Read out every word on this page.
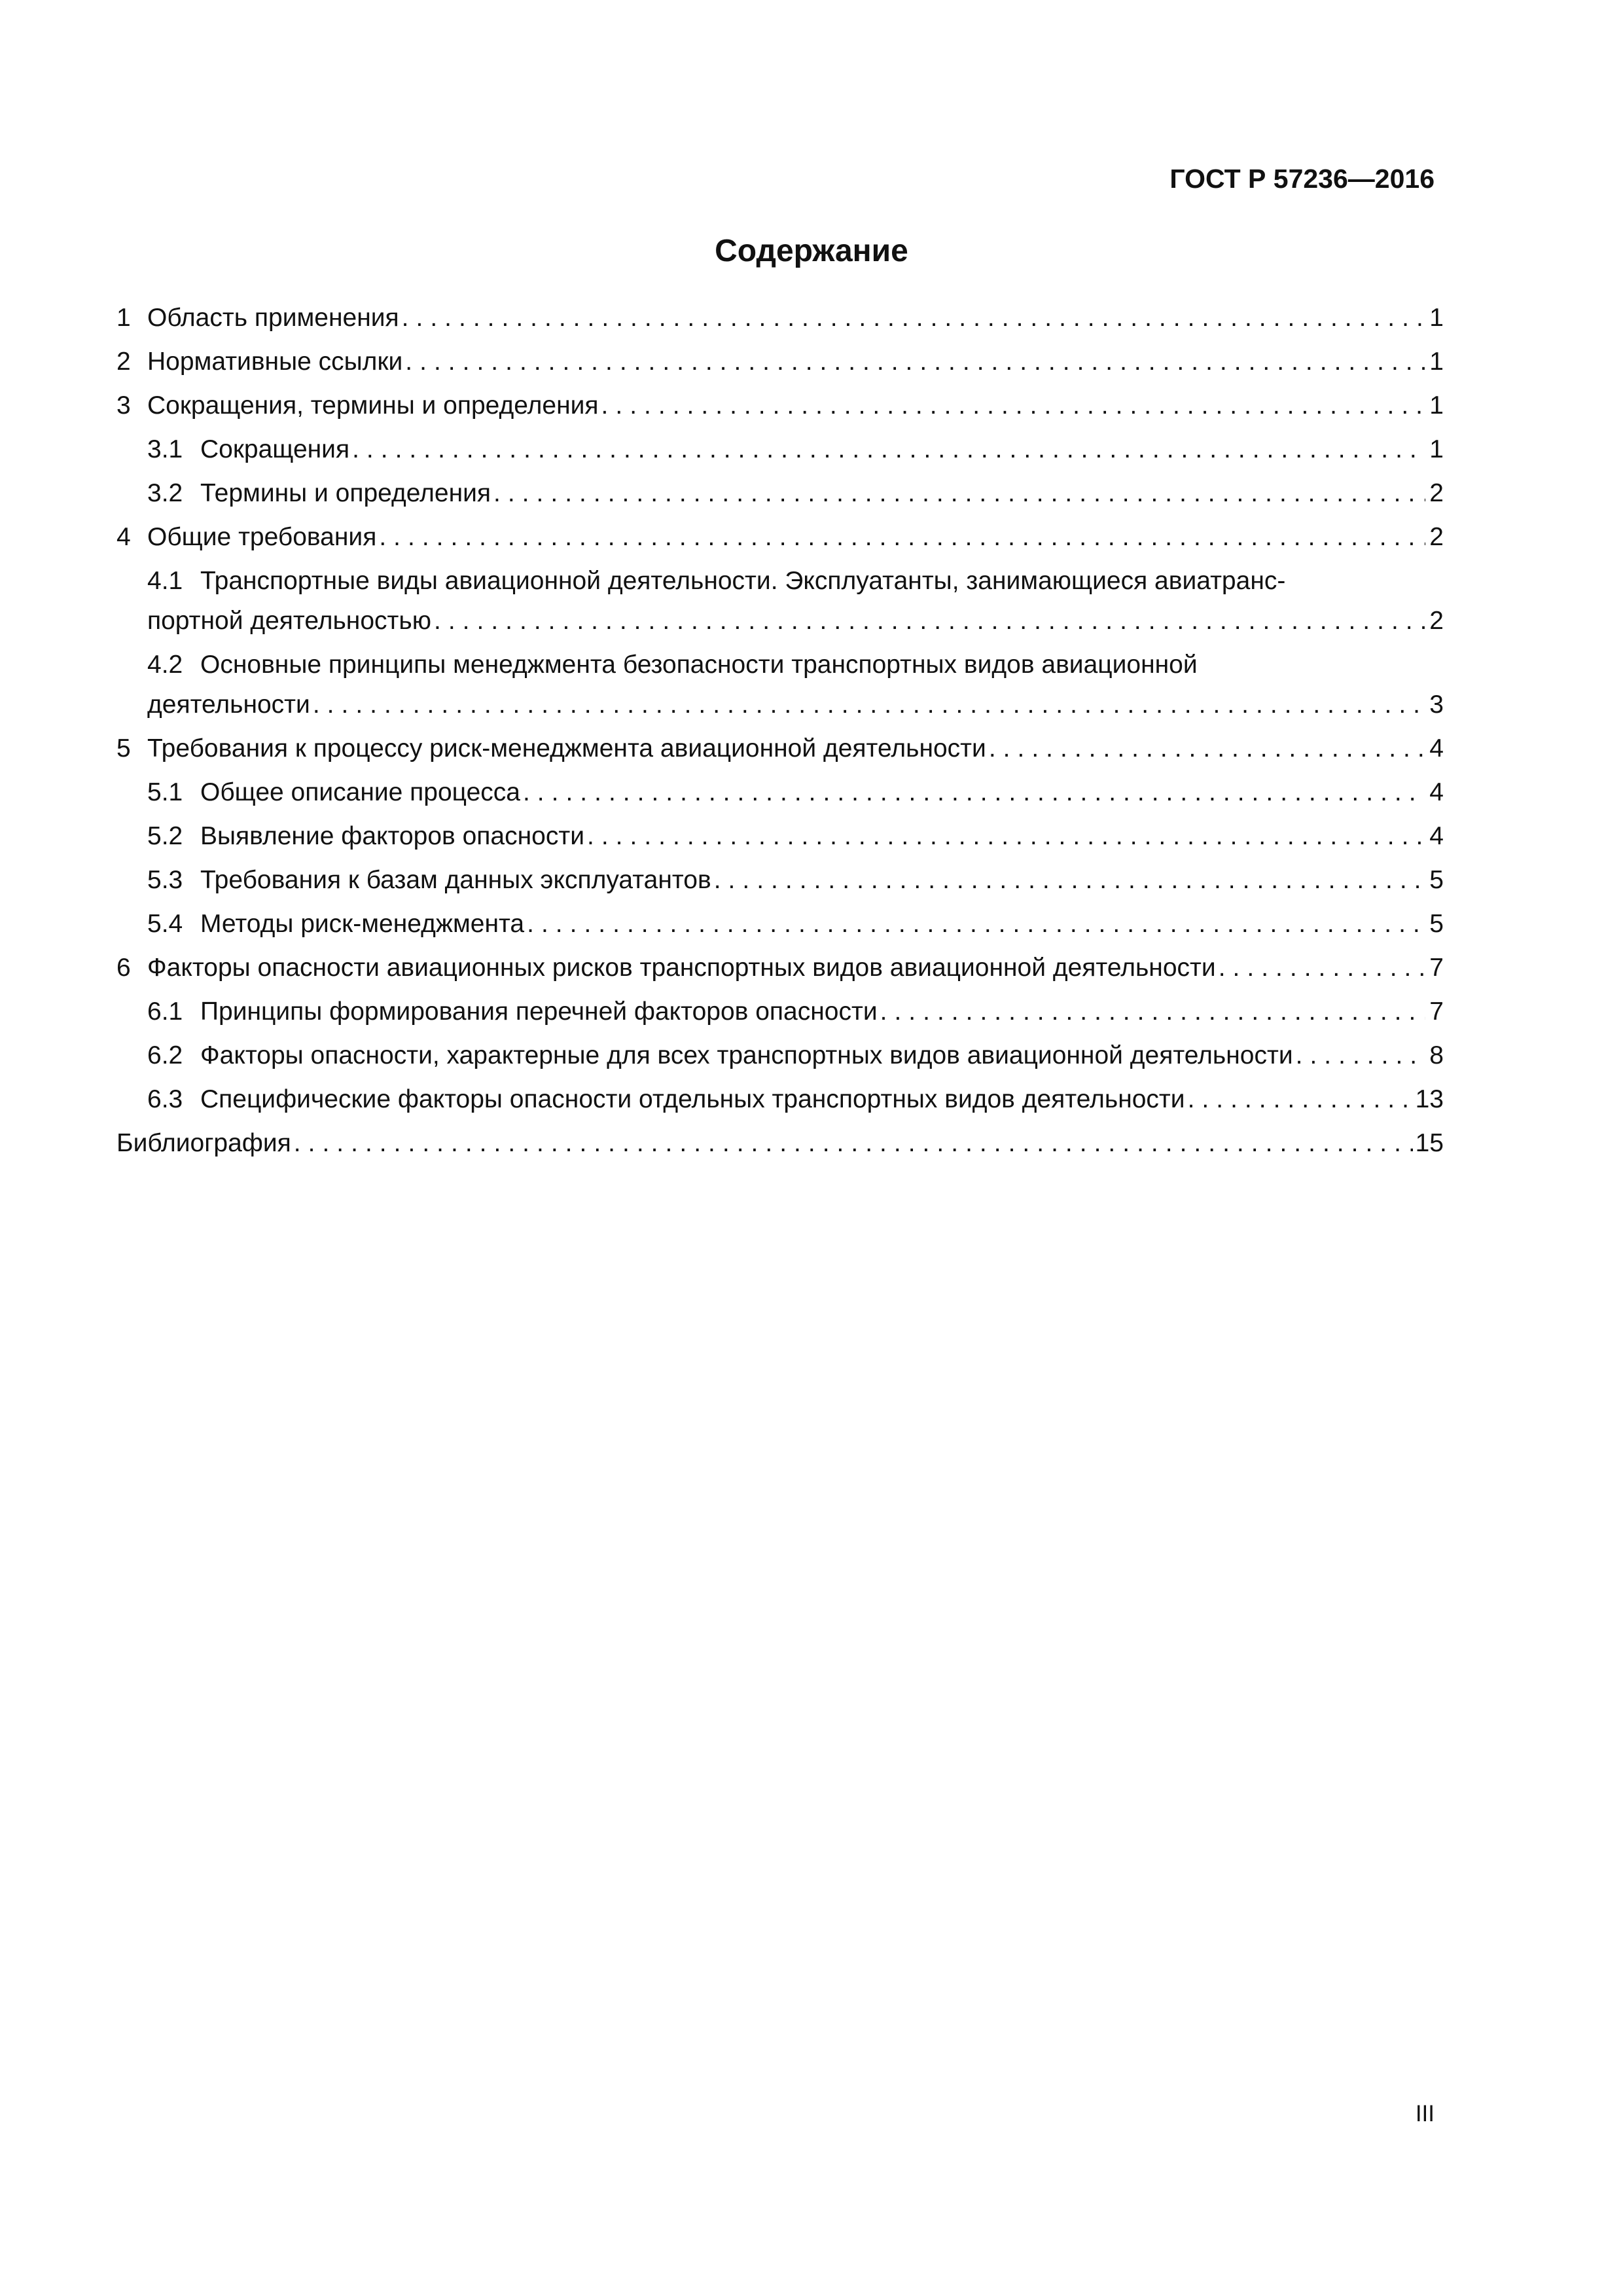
ГОСТ Р 57236—2016
Содержание
1 Область применения .....	1
2 Нормативные ссылки .....	1
3 Сокращения, термины и определения .....	1
3.1 Сокращения .....	1
3.2 Термины и определения .....	2
4 Общие требования .....	2
4.1 Транспортные виды авиационной деятельности. Эксплуатанты, занимающиеся авиатранс-
портной деятельностью .....	2
4.2 Основные принципы менеджмента безопасности транспортных видов авиационной
деятельности .....	3
5 Требования к процессу риск-менеджмента авиационной деятельности .....	4
5.1 Общее описание процесса .....	4
5.2 Выявление факторов опасности .....	4
5.3 Требования к базам данных эксплуатантов .....	5
5.4 Методы риск-менеджмента .....	5
6 Факторы опасности авиационных рисков транспортных видов авиационной деятельности .....	7
6.1 Принципы формирования перечней факторов опасности .....	7
6.2 Факторы опасности, характерные для всех транспортных видов авиационной деятельности .....	8
6.3 Специфические факторы опасности отдельных транспортных видов деятельности .....	13
Библиография .....	15
III
